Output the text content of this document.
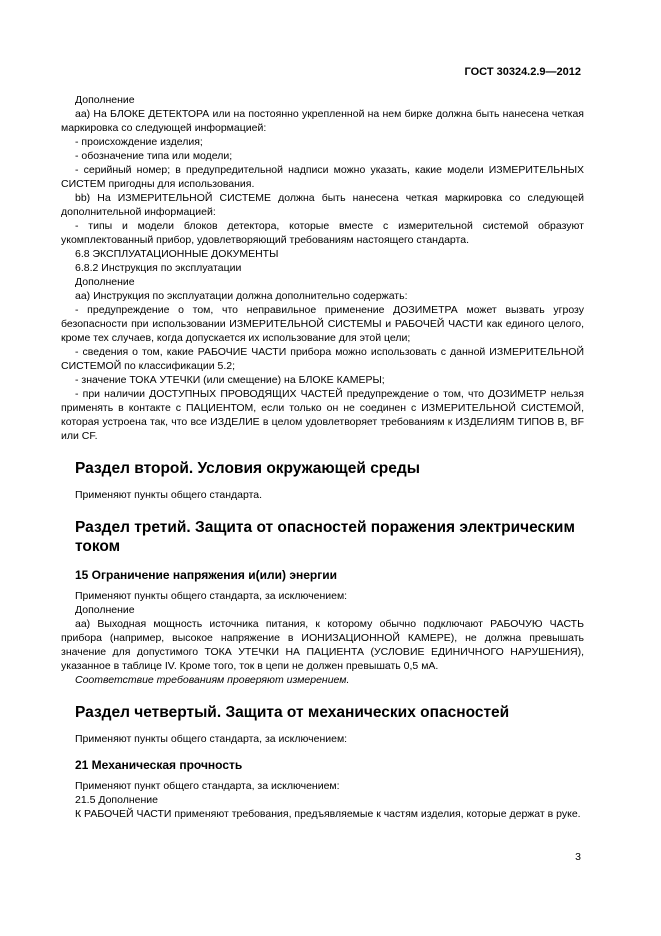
ГОСТ 30324.2.9—2012

Дополнение

аа) На БЛОКЕ ДЕТЕКТОРА или на постоянно укрепленной на нем бирке должна быть нанесена четкая маркировка со следующей информацией:

- происхождение изделия;

- обозначение типа или модели;

- серийный номер; в предупредительной надписи можно указать, какие модели ИЗМЕРИТЕЛЬНЫХ СИСТЕМ пригодны для использования.

bb) На ИЗМЕРИТЕЛЬНОЙ СИСТЕМЕ должна быть нанесена четкая маркировка со следующей дополнительной информацией:

- типы и модели блоков детектора, которые вместе с измерительной системой образуют укомплектованный прибор, удовлетворяющий требованиям настоящего стандарта.

6.8 ЭКСПЛУАТАЦИОННЫЕ ДОКУМЕНТЫ

6.8.2 Инструкция по эксплуатации

Дополнение

аа) Инструкция по эксплуатации должна дополнительно содержать:

- предупреждение о том, что неправильное применение ДОЗИМЕТРА может вызвать угрозу безопасности при использовании ИЗМЕРИТЕЛЬНОЙ СИСТЕМЫ и РАБОЧЕЙ ЧАСТИ как единого целого, кроме тех случаев, когда допускается их использование для этой цели;

- сведения о том, какие РАБОЧИЕ ЧАСТИ прибора можно использовать с данной ИЗМЕРИТЕЛЬНОЙ СИСТЕМОЙ по классификации 5.2;

- значение ТОКА УТЕЧКИ (или смещение) на БЛОКЕ КАМЕРЫ;

- при наличии ДОСТУПНЫХ ПРОВОДЯЩИХ ЧАСТЕЙ предупреждение о том, что ДОЗИМЕТР нельзя применять в контакте с ПАЦИЕНТОМ, если только он не соединен с ИЗМЕРИТЕЛЬНОЙ СИСТЕМОЙ, которая устроена так, что все ИЗДЕЛИЕ в целом удовлетворяет требованиям к ИЗДЕЛИЯМ ТИПОВ В, BF или CF.

Раздел второй. Условия окружающей среды

Применяют пункты общего стандарта.

Раздел третий. Защита от опасностей поражения электрическим током
15 Ограничение напряжения и(или) энергии

Применяют пункты общего стандарта, за исключением:

Дополнение

аа) Выходная мощность источника питания, к которому обычно подключают РАБОЧУЮ ЧАСТЬ прибора (например, высокое напряжение в ИОНИЗАЦИОННОЙ КАМЕРЕ), не должна превышать значение для допустимого ТОКА УТЕЧКИ НА ПАЦИЕНТА (УСЛОВИЕ ЕДИНИЧНОГО НАРУШЕНИЯ), указанное в таблице IV. Кроме того, ток в цепи не должен превышать 0,5 мА.

Соответствие требованиям проверяют измерением.

Раздел четвертый. Защита от механических опасностей

Применяют пункты общего стандарта, за исключением:

21 Механическая прочность

Применяют пункт общего стандарта, за исключением:

21.5 Дополнение

К РАБОЧЕЙ ЧАСТИ применяют требования, предъявляемые к частям изделия, которые держат в руке.

3
